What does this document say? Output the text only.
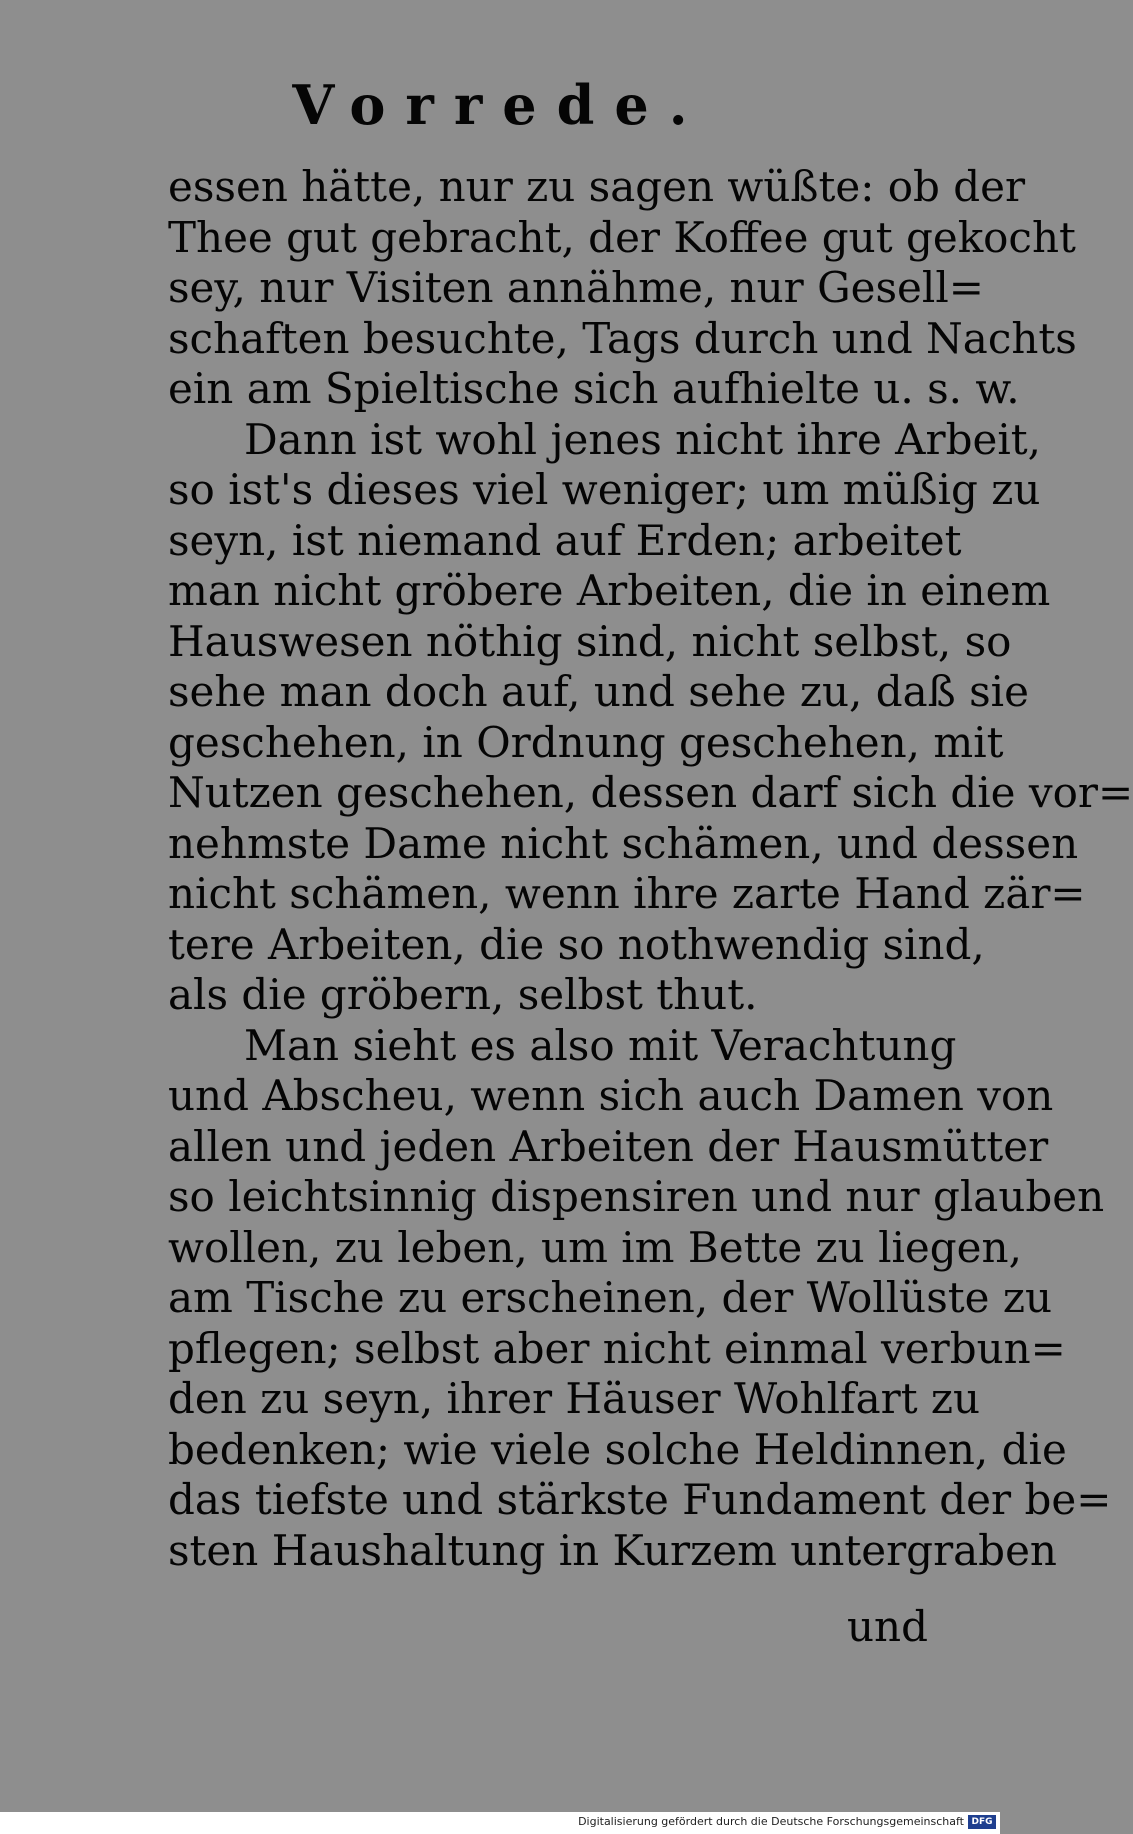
Vorrede.
essen hätte, nur zu sagen wüßte: ob der
Thee gut gebracht, der Koffee gut gekocht
sey, nur Visiten annähme, nur Gesell=
schaften besuchte, Tags durch und Nachts
ein am Spieltische sich aufhielte u. s. w.
Dann ist wohl jenes nicht ihre Arbeit,
so ist's dieses viel weniger; um müßig zu
seyn, ist niemand auf Erden; arbeitet
man nicht gröbere Arbeiten, die in einem
Hauswesen nöthig sind, nicht selbst, so
sehe man doch auf, und sehe zu, daß sie
geschehen, in Ordnung geschehen, mit
Nutzen geschehen, dessen darf sich die vor=
nehmste Dame nicht schämen, und dessen
nicht schämen, wenn ihre zarte Hand zär=
tere Arbeiten, die so nothwendig sind,
als die gröbern, selbst thut.
Man sieht es also mit Verachtung
und Abscheu, wenn sich auch Damen von
allen und jeden Arbeiten der Hausmütter
so leichtsinnig dispensiren und nur glauben
wollen, zu leben, um im Bette zu liegen,
am Tische zu erscheinen, der Wollüste zu
pflegen; selbst aber nicht einmal verbun=
den zu seyn, ihrer Häuser Wohlfart zu
bedenken; wie viele solche Heldinnen, die
das tiefste und stärkste Fundament der be=
sten Haushaltung in Kurzem untergraben
und
Digitalisierung gefördert durch die Deutsche Forschungsgemeinschaft DFG
